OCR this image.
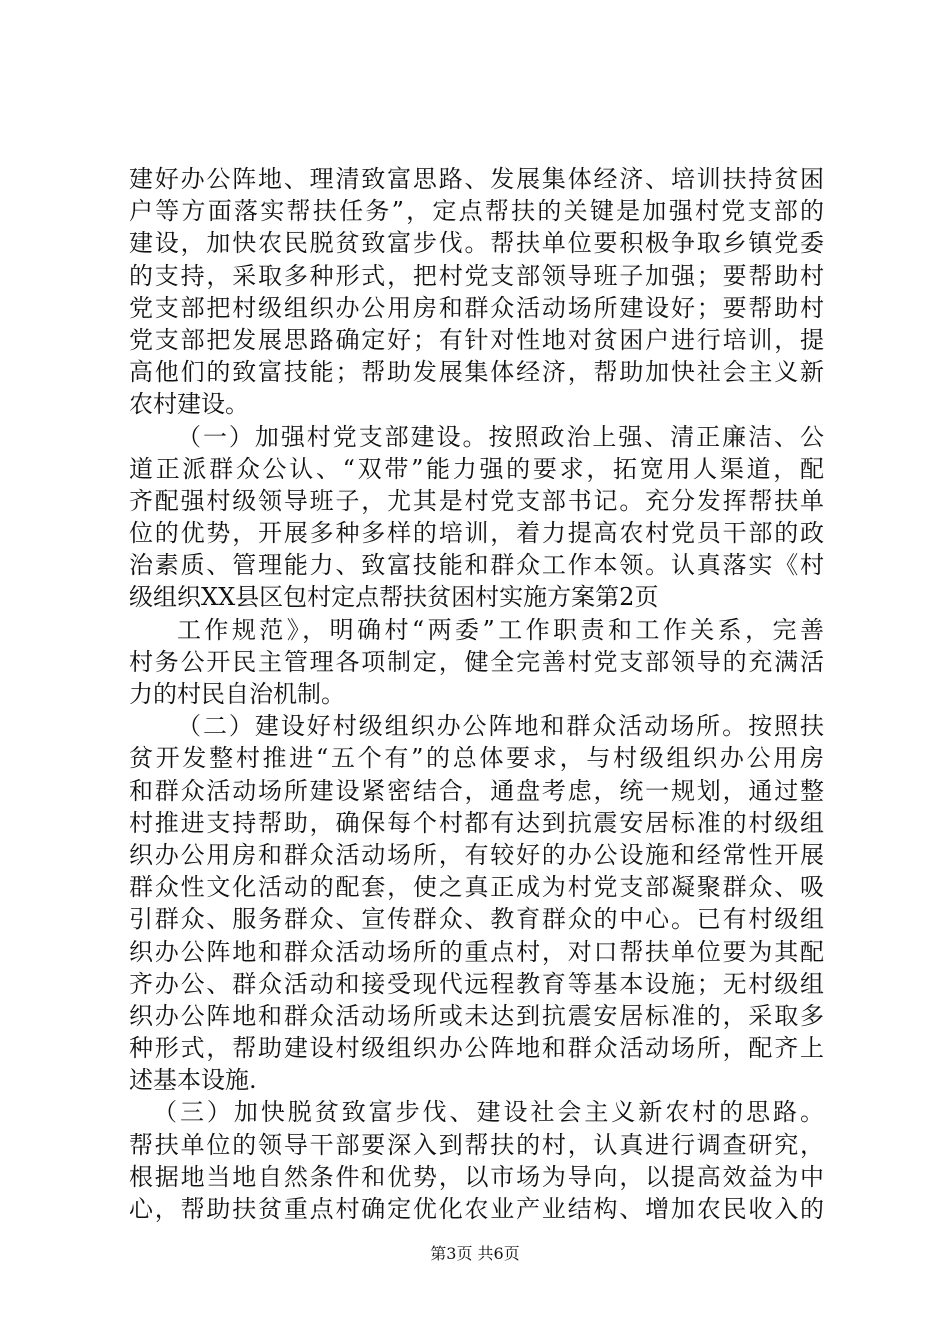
建好办公阵地、理清致富思路、发展集体经济、培训扶持贫困
户等方面落实帮扶任务”，定点帮扶的关键是加强村党支部的
建设，加快农民脱贫致富步伐。帮扶单位要积极争取乡镇党委
的支持，采取多种形式，把村党支部领导班子加强；要帮助村
党支部把村级组织办公用房和群众活动场所建设好；要帮助村
党支部把发展思路确定好；有针对性地对贫困户进行培训，提
高他们的致富技能；帮助发展集体经济，帮助加快社会主义新
农村建设。
（一）加强村党支部建设。按照政治上强、清正廉洁、公
道正派群众公认、“双带”能力强的要求，拓宽用人渠道，配
齐配强村级领导班子，尤其是村党支部书记。充分发挥帮扶单
位的优势，开展多种多样的培训，着力提高农村党员干部的政
治素质、管理能力、致富技能和群众工作本领。认真落实《村
级组织XX县区包村定点帮扶贫困村实施方案第2页
工作规范》，明确村“两委”工作职责和工作关系，完善
村务公开民主管理各项制定，健全完善村党支部领导的充满活
力的村民自治机制。
（二）建设好村级组织办公阵地和群众活动场所。按照扶
贫开发整村推进“五个有”的总体要求，与村级组织办公用房
和群众活动场所建设紧密结合，通盘考虑，统一规划，通过整
村推进支持帮助，确保每个村都有达到抗震安居标准的村级组
织办公用房和群众活动场所，有较好的办公设施和经常性开展
群众性文化活动的配套，使之真正成为村党支部凝聚群众、吸
引群众、服务群众、宣传群众、教育群众的中心。已有村级组
织办公阵地和群众活动场所的重点村，对口帮扶单位要为其配
齐办公、群众活动和接受现代远程教育等基本设施；无村级组
织办公阵地和群众活动场所或未达到抗震安居标准的，采取多
种形式，帮助建设村级组织办公阵地和群众活动场所，配齐上
述基本设施.
（三）加快脱贫致富步伐、建设社会主义新农村的思路。
帮扶单位的领导干部要深入到帮扶的村，认真进行调查研究，
根据地当地自然条件和优势，以市场为导向，以提高效益为中
心，帮助扶贫重点村确定优化农业产业结构、增加农民收入的
第3页 共6页
